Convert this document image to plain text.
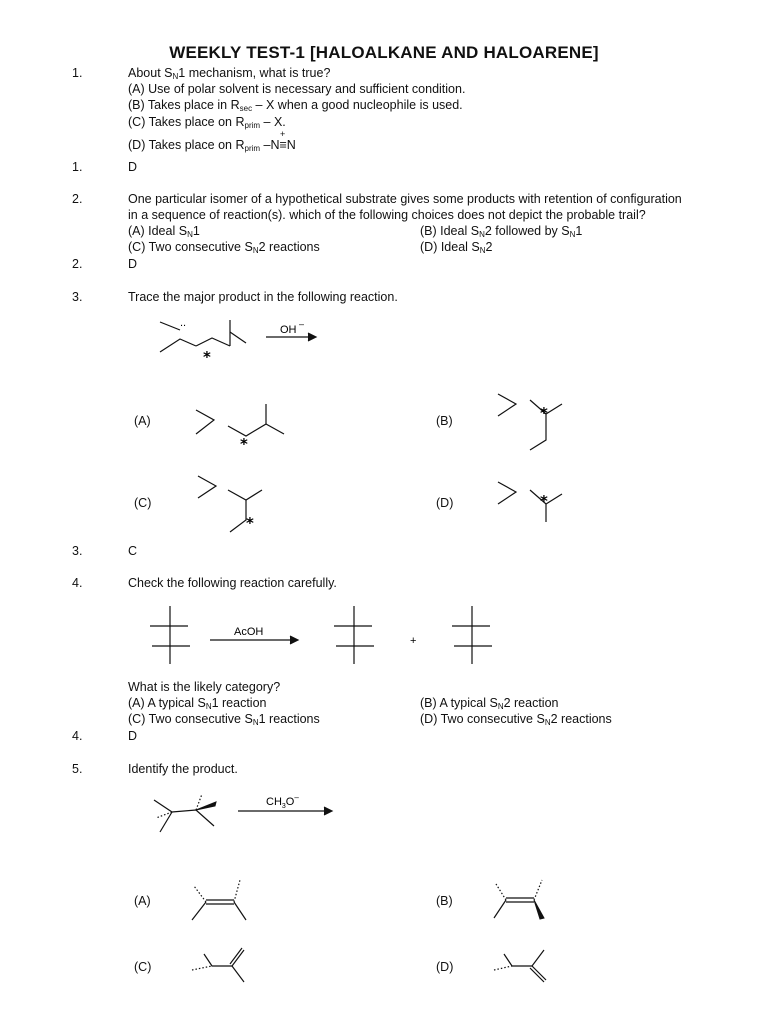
WEEKLY TEST-1 [HALOALKANE AND HALOARENE]
1.	About $S_N1$ mechanism, what is true?
(A) Use of polar solvent is necessary and sufficient condition.
(B) Takes place in $R_{sec}$ – X when a good nucleophile is used.
(C) Takes place on $R_{prim}$ – X.
(D) Takes place on $R_{prim}$ –N≡N
+
1.	D
2.	One particular isomer of a hypothetical substrate gives some products with retention of configuration
in a sequence of reaction(s). which of the following choices does not depict the probable trail?
(A) Ideal $S_N1$	(B) Ideal $S_N2$ followed by $S_N1$
(C) Two consecutive $S_N2$ reactions	(D) Ideal $S_N2$
2.	D
3.	Trace the major product in the following reaction.
(A)	(B)
(C)	(D)
3.	C
4.	Check the following reaction carefully.
What is the likely category?
(A) A typical $S_N1$ reaction	(B) A typical $S_N2$ reaction
(C) Two consecutive $S_N1$ reactions	(D) Two consecutive $S_N2$ reactions
4.	D
5.	Identify the product.
(A)	(B)
(C)	(D)
..
*
OH –
*
*
*
*
AcOH
+
$CH_3O^-$
